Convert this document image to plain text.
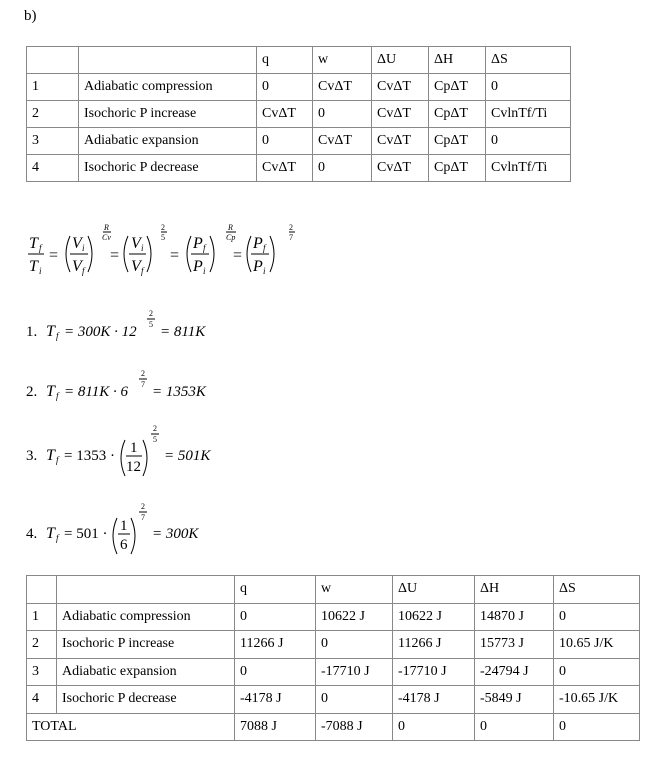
b)
		q	w	ΔU	ΔH	ΔS
1	Adiabatic compression	0	CvΔT	CvΔT	CpΔT	0
2	Isochoric P increase	CvΔT	0	CvΔT	CpΔT	CvlnTf/Ti
3	Adiabatic expansion	0	CvΔT	CvΔT	CpΔT	0
4	Isochoric P decrease	CvΔT	0	CvΔT	CpΔT	CvlnTf/Ti
T f
T i
=
V i
V f
R
Cv
=
V i
V f
2
5
=
P f
P i
R
Cp
=
P f
P i
2
7
1. T f = 300K · 12
2
5 = 811K
2. T f = 811K · 6
2
7 = 1353K
3. T f = 1353 · 1
12
2
5
= 501K
4. T f = 501 · 1
6
2
7
= 300K
		q	w	ΔU	ΔH	ΔS
1	Adiabatic compression	0	10622 J	10622 J	14870 J	0
2	Isochoric P increase	11266 J	0	11266 J	15773 J	10.65 J/K
3	Adiabatic expansion	0	-17710 J	-17710 J	-24794 J	0
4	Isochoric P decrease	-4178 J	0	-4178 J	-5849 J	-10.65 J/K
TOTAL		7088 J	-7088 J	0	0	0
